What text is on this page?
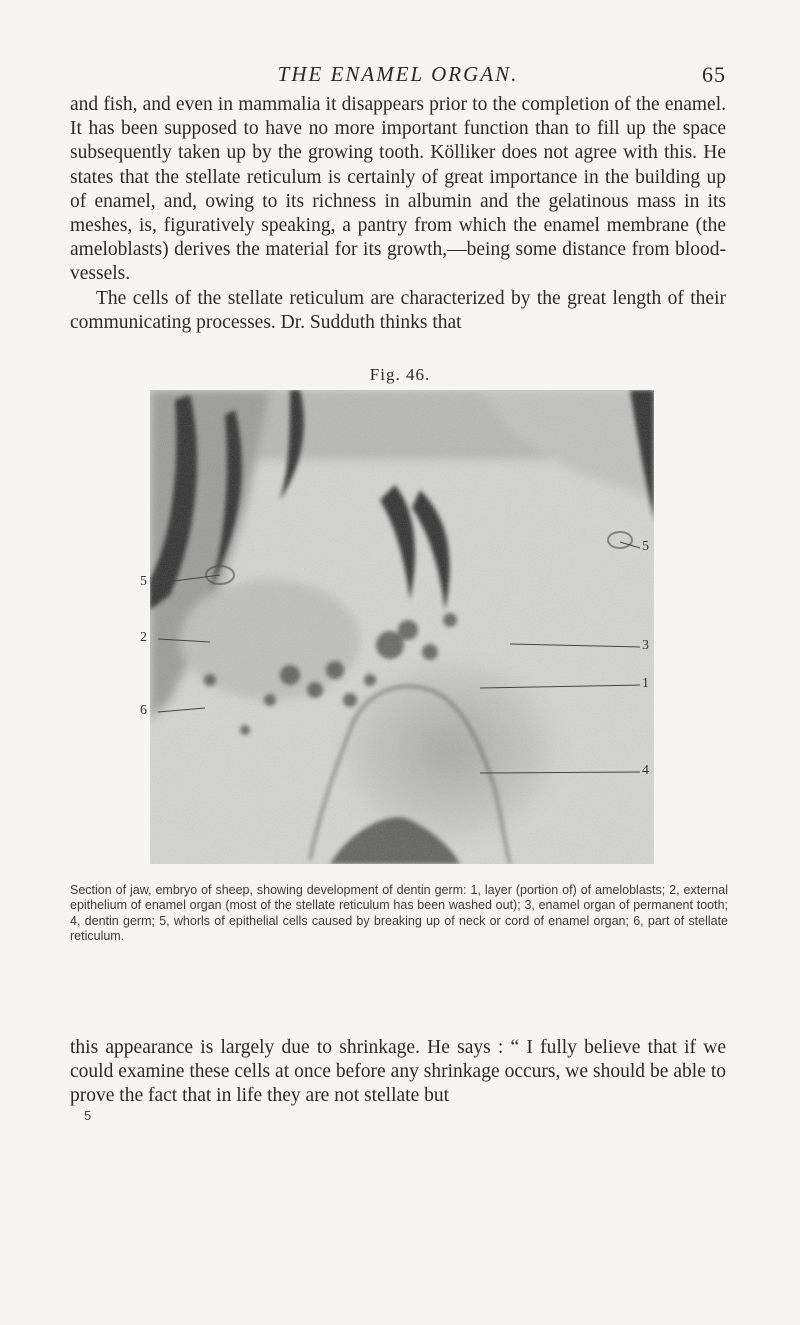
THE ENAMEL ORGAN.	65

and fish, and even in mammalia it disappears prior to the completion of the enamel. It has been supposed to have no more important function than to fill up the space subsequently taken up by the growing tooth. Kölliker does not agree with this. He states that the stellate reticulum is certainly of great importance in the building up of enamel, and, owing to its richness in albumin and the gelatinous mass in its meshes, is, figuratively speaking, a pantry from which the enamel membrane (the ameloblasts) derives the material for its growth,—being some distance from blood-vessels.

The cells of the stellate reticulum are characterized by the great length of their communicating processes. Dr. Sudduth thinks that

Fig. 46.
5
2
6
5
3
1
4
Section of jaw, embryo of sheep, showing development of dentin germ: 1, layer (portion of) of ameloblasts; 2, external epithelium of enamel organ (most of the stellate reticulum has been washed out); 3, enamel organ of permanent tooth; 4, dentin germ; 5, whorls of epithelial cells caused by breaking up of neck or cord of enamel organ; 6, part of stellate reticulum.

this appearance is largely due to shrinkage. He says : “ I fully believe that if we could examine these cells at once before any shrinkage occurs, we should be able to prove the fact that in life they are not stellate but

5
